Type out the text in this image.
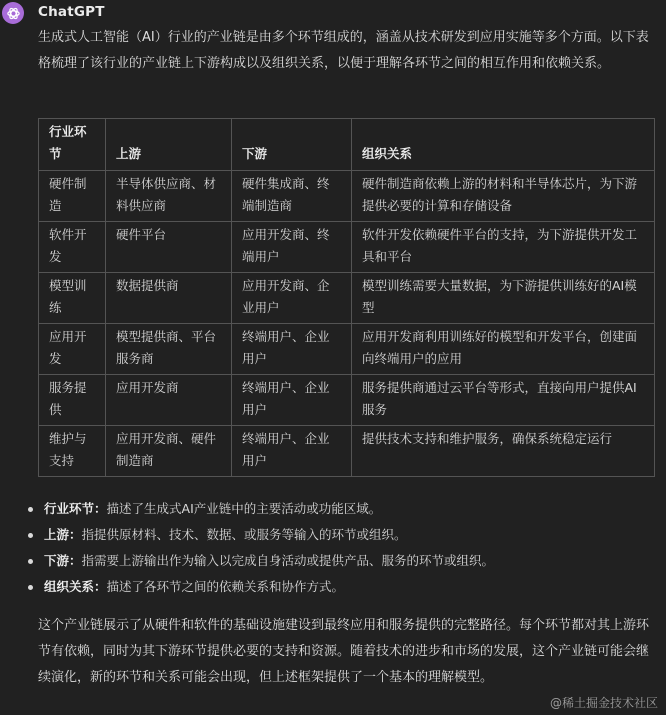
ChatGPT

生成式人工智能（AI）行业的产业链是由多个环节组成的，涵盖从技术研发到应用实施等多个方面。以下表格梳理了该行业的产业链上下游构成以及组织关系，以便于理解各环节之间的相互作用和依赖关系。

行业环节	上游	下游	组织关系
硬件制造	半导体供应商、材料供应商	硬件集成商、终端制造商	硬件制造商依赖上游的材料和半导体芯片，为下游提供必要的计算和存储设备
软件开发	硬件平台	应用开发商、终端用户	软件开发依赖硬件平台的支持，为下游提供开发工具和平台
模型训练	数据提供商	应用开发商、企业用户	模型训练需要大量数据，为下游提供训练好的AI模型
应用开发	模型提供商、平台服务商	终端用户、企业用户	应用开发商利用训练好的模型和开发平台，创建面向终端用户的应用
服务提供	应用开发商	终端用户、企业用户	服务提供商通过云平台等形式，直接向用户提供AI服务
维护与支持	应用开发商、硬件制造商	终端用户、企业用户	提供技术支持和维护服务，确保系统稳定运行
行业环节：描述了生成式AI产业链中的主要活动或功能区域。
上游：指提供原材料、技术、数据、或服务等输入的环节或组织。
下游：指需要上游输出作为输入以完成自身活动或提供产品、服务的环节或组织。
组织关系：描述了各环节之间的依赖关系和协作方式。

这个产业链展示了从硬件和软件的基础设施建设到最终应用和服务提供的完整路径。每个环节都对其上游环节有依赖，同时为其下游环节提供必要的支持和资源。随着技术的进步和市场的发展，这个产业链可能会继续演化，新的环节和关系可能会出现，但上述框架提供了一个基本的理解模型。

@稀土掘金技术社区
